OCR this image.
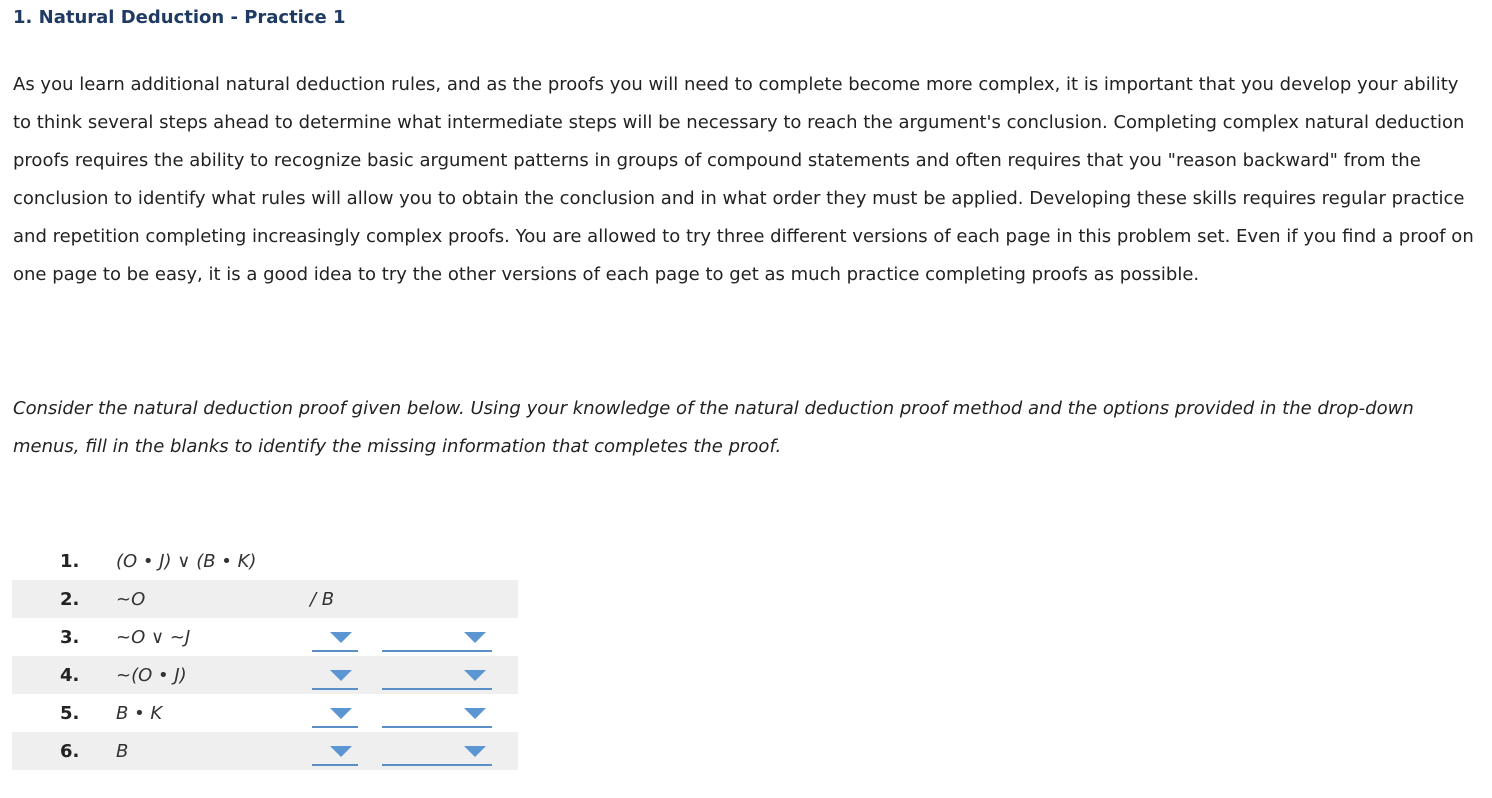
1. Natural Deduction - Practice 1

As you learn additional natural deduction rules, and as the proofs you will need to complete become more complex, it is important that you develop your ability to think several steps ahead to determine what intermediate steps will be necessary to reach the argument's conclusion. Completing complex natural deduction proofs requires the ability to recognize basic argument patterns in groups of compound statements and often requires that you "reason backward" from the conclusion to identify what rules will allow you to obtain the conclusion and in what order they must be applied. Developing these skills requires regular practice and repetition completing increasingly complex proofs. You are allowed to try three different versions of each page in this problem set. Even if you find a proof on one page to be easy, it is a good idea to try the other versions of each page to get as much practice completing proofs as possible.

Consider the natural deduction proof given below. Using your knowledge of the natural deduction proof method and the options provided in the drop-down menus, fill in the blanks to identify the missing information that completes the proof.

1. (O • J) ∨ (B • K)
2. ~O	/ B
3. ~O ∨ ~J
4. ~(O • J)
5. B • K
6. B
